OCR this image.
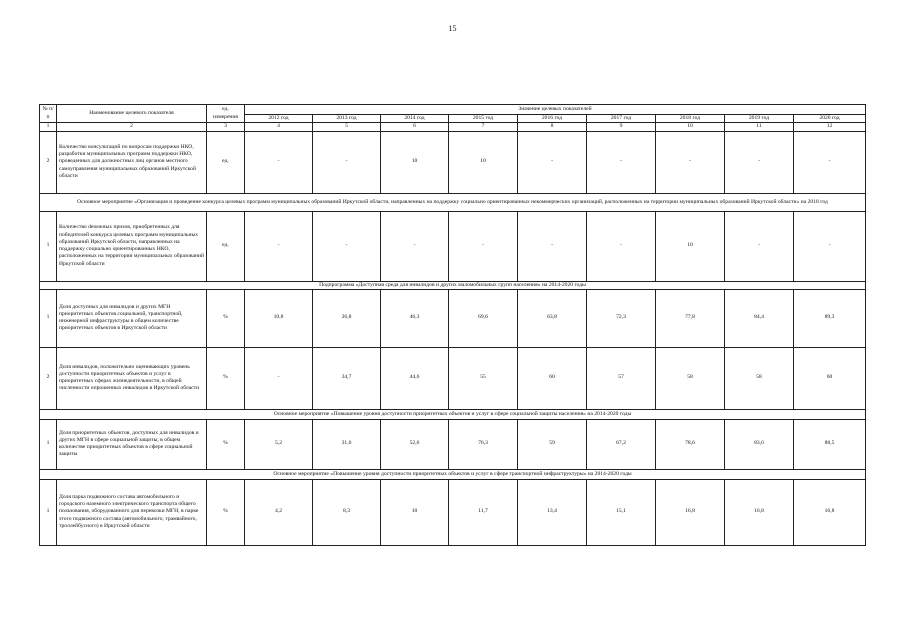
15
№ п/п	Наименование целевого показателя	ед. измерения	Значение целевых показателей								
			2012 год	2013 год	2014 год	2015 год	2016 год	2017 год	2018 год	2019 год	2020 год
1	2	3	4	5	6	7	8	9	10	11	12
2	Количество консультаций по вопросам поддержки НКО, разработки муниципальных программ поддержки НКО, проведенных для должностных лиц органов местного самоуправления муниципальных образований Иркутской области	ед.	-	-	10	10	-	-	-	-	-
Основное мероприятие «Организация и проведение конкурса целевых программ муниципальных образований Иркутской области, направленных на поддержку социально ориентированных некоммерческих организаций, расположенных на территории муниципальных образований Иркутской области» на 2018 год											
1	Количество denежных призов, приобретенных для победителей конкурса целевых программ муниципальных образований Иркутской области, направленных на поддержку социально ориентированных НКО, расположенных на территории муниципальных образований Иркутской области	ед.	-	-	-	-	-	-	10	-	-
Подпрограмма «Доступная среда для инвалидов и других маломобильных групп населения» на 2014-2020 годы											
1	Доля доступных для инвалидов и других МГН приоритетных объектов социальной, транспортной, инженерной инфраструктуры в общем количестве приоритетных объектов в Иркутской области	%	10,8	26,8	46,3	69,6	63,8	72,3	77,8	84,4	89,3
2	Доля инвалидов, положительно оценивающих уровень доступности приоритетных объектов и услуг в приоритетных сферах жизнедеятельности, в общей численности опрошенных инвалидов в Иркутской области	%	-	34,7	44,6	55	60	57	58	58	60
Основное мероприятие «Повышение уровня доступности приоритетных объектов и услуг в сфере социальной защиты населения» на 2014-2020 годы											
1	Доля приоритетных объектов, доступных для инвалидов и других МГН в сфере социальной защиты, в общем количестве приоритетных объектов в сфере социальной защиты	%	5,2	31,6	52,6	76,3	59	67,2	78,6	83,6	88,5
Основное мероприятие «Повышение уровня доступности приоритетных объектов и услуг в сфере транспортной инфраструктуры» на 2014-2020 годы											
1	Доля парка подвижного состава автомобильного и городского наземного электрического транспорта общего пользования, оборудованного для перевозки МГН, в парке этого подвижного состава (автомобильного, трамвайного, троллейбусного) в Иркутской области	%	4,2	8,3	10	11,7	13,4	15,1	16,8	16,8	16,8
